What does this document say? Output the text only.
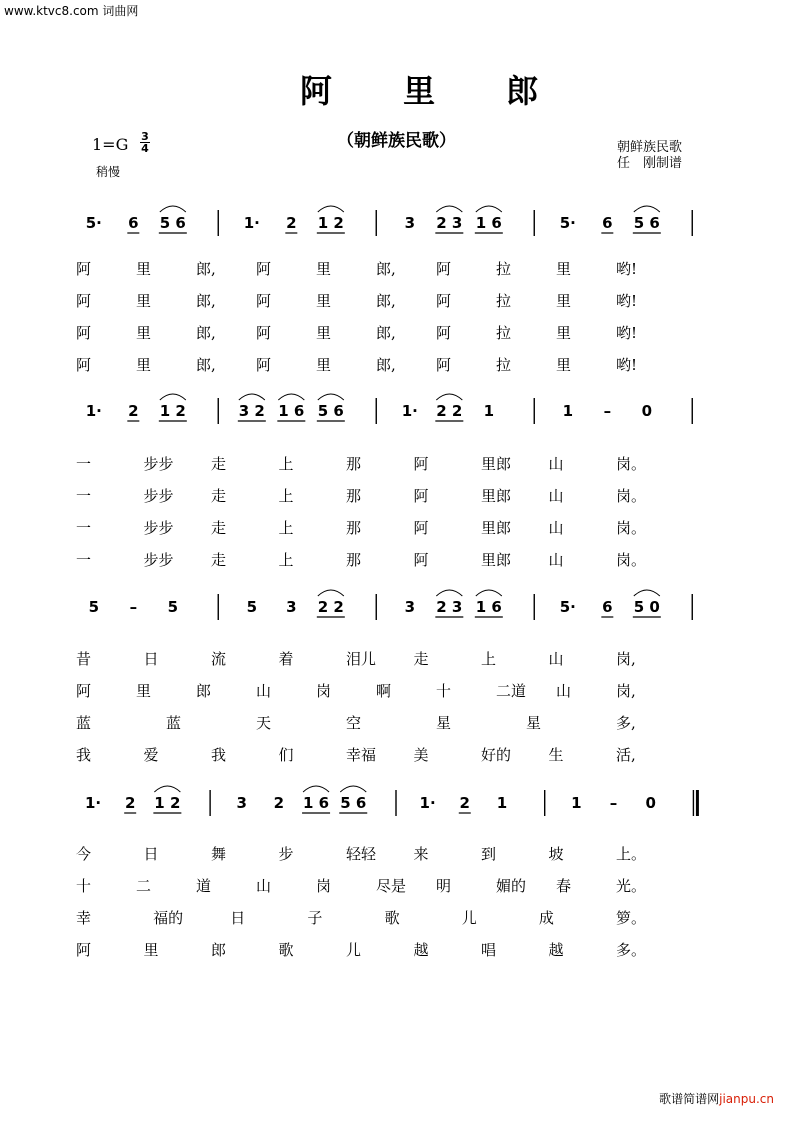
www.ktvc8.com 词曲网
阿 里 郎
（朝鲜族民歌）
1=G 3
4
稍慢
朝鲜族民歌
任　刚制谱
5· 6 5 6	1· 2 1 2	3 2 3 1 6	5· 6 5 6
1· 2 1 2	3 2 1 6 5 6	1· 2 2 1	1 – 0
5 – 5	5 3 2 2	3 2 3 1 6	5· 6 5 0
1· 2 1 2	3 2 1 6 5 6	1· 2 1	1 – 0
阿	里	郎,	阿	里	郎,	阿	拉	里	哟!
阿	里	郎,	阿	里	郎,	阿	拉	里	哟!
阿	里	郎,	阿	里	郎,	阿	拉	里	哟!
阿	里	郎,	阿	里	郎,	阿	拉	里	哟!
一	步步 走	上	那	阿	里郎 山	岗。
一	步步 走	上	那	阿	里郎 山	岗。
一	步步 走	上	那	阿	里郎 山	岗。
一	步步 走	上	那	阿	里郎 山	岗。
昔	日	流	着	泪儿 走	上	山	岗,
阿	里	郎	山	岗	啊	十	二道 山	岗,
蓝	蓝	天	空	星	星	多,
我	爱	我	们	幸福 美	好的 生	活,
今	日	舞	步	轻轻 来	到	坡	上。
十	二	道	山	岗	尽是 明	媚的 春	光。
幸	福的	日	子	歌	儿	成	箩。
阿	里	郎	歌	儿	越	唱	越	多。
歌谱简谱网jianpu.cn
